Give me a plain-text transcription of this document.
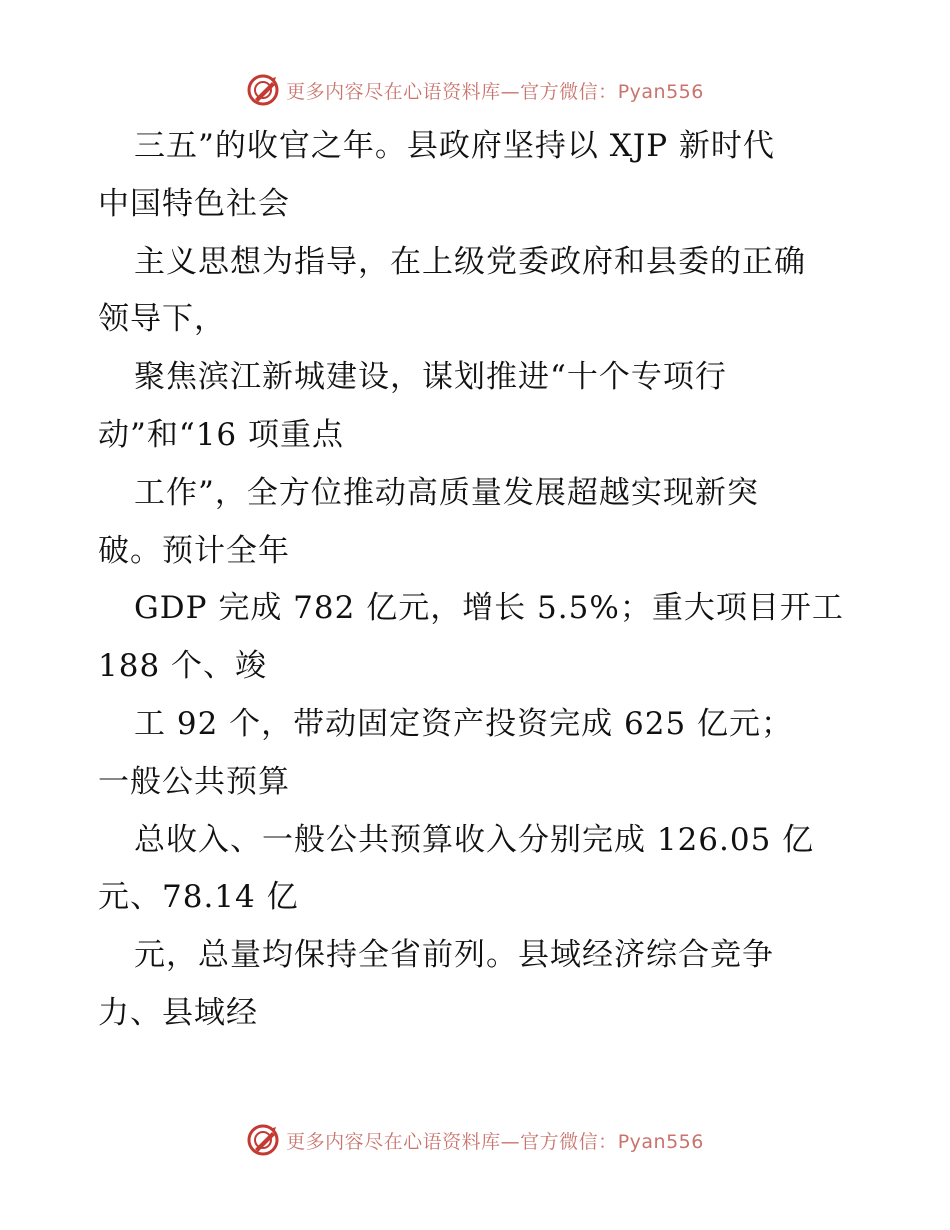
更多内容尽在心语资料库—官方微信：Pyan556
三五”的收官之年。县政府坚持以 XJP 新时代
中国特色社会
主义思想为指导，在上级党委政府和县委的正确
领导下，
聚焦滨江新城建设，谋划推进“十个专项行
动”和“16 项重点
工作”，全方位推动高质量发展超越实现新突
破。预计全年
GDP 完成 782 亿元，增长 5.5%；重大项目开工
188 个、竣
工 92 个，带动固定资产投资完成 625 亿元；
一般公共预算
总收入、一般公共预算收入分别完成 126.05 亿
元、78.14 亿
元，总量均保持全省前列。县域经济综合竞争
力、县域经
更多内容尽在心语资料库—官方微信：Pyan556
